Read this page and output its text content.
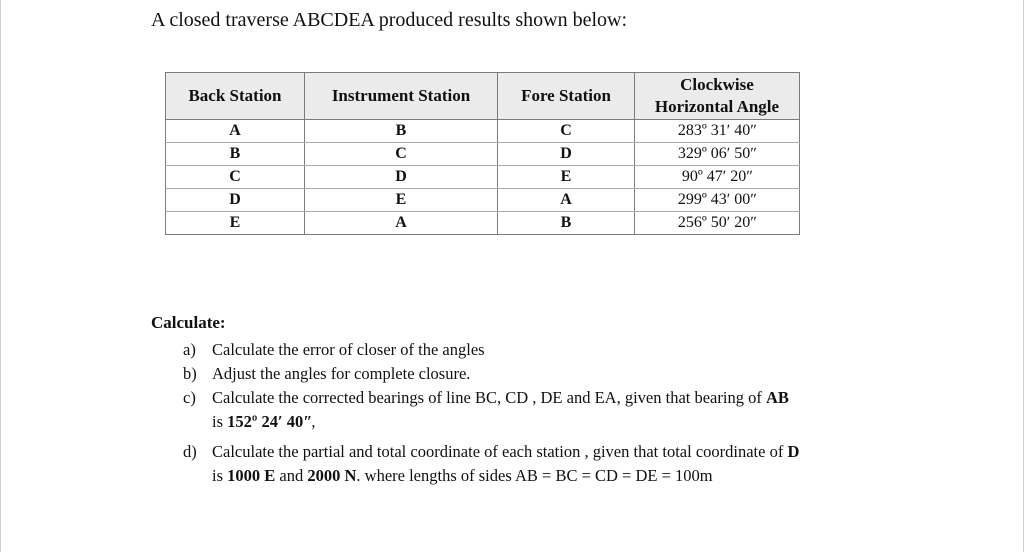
A closed traverse ABCDEA produced results shown below:
Back Station	Instrument Station	Fore Station	Clockwise
Horizontal Angle

A	B	C	283º 31ʹ 40ʺ
B	C	D	329º 06ʹ 50ʺ
C	D	E	90º 47ʹ 20ʺ
D	E	A	299º 43ʹ 00ʺ
E	A	B	256º 50ʹ 20ʺ
Calculate:
a) Calculate the error of closer of the angles
b) Adjust the angles for complete closure.
c) Calculate the corrected bearings of line BC, CD , DE and EA, given that bearing of AB
is 152º 24ʹ 40ʺ,
d) Calculate the partial and total coordinate of each station , given that total coordinate of D
is 1000 E and 2000 N. where lengths of sides AB = BC = CD = DE = 100m
